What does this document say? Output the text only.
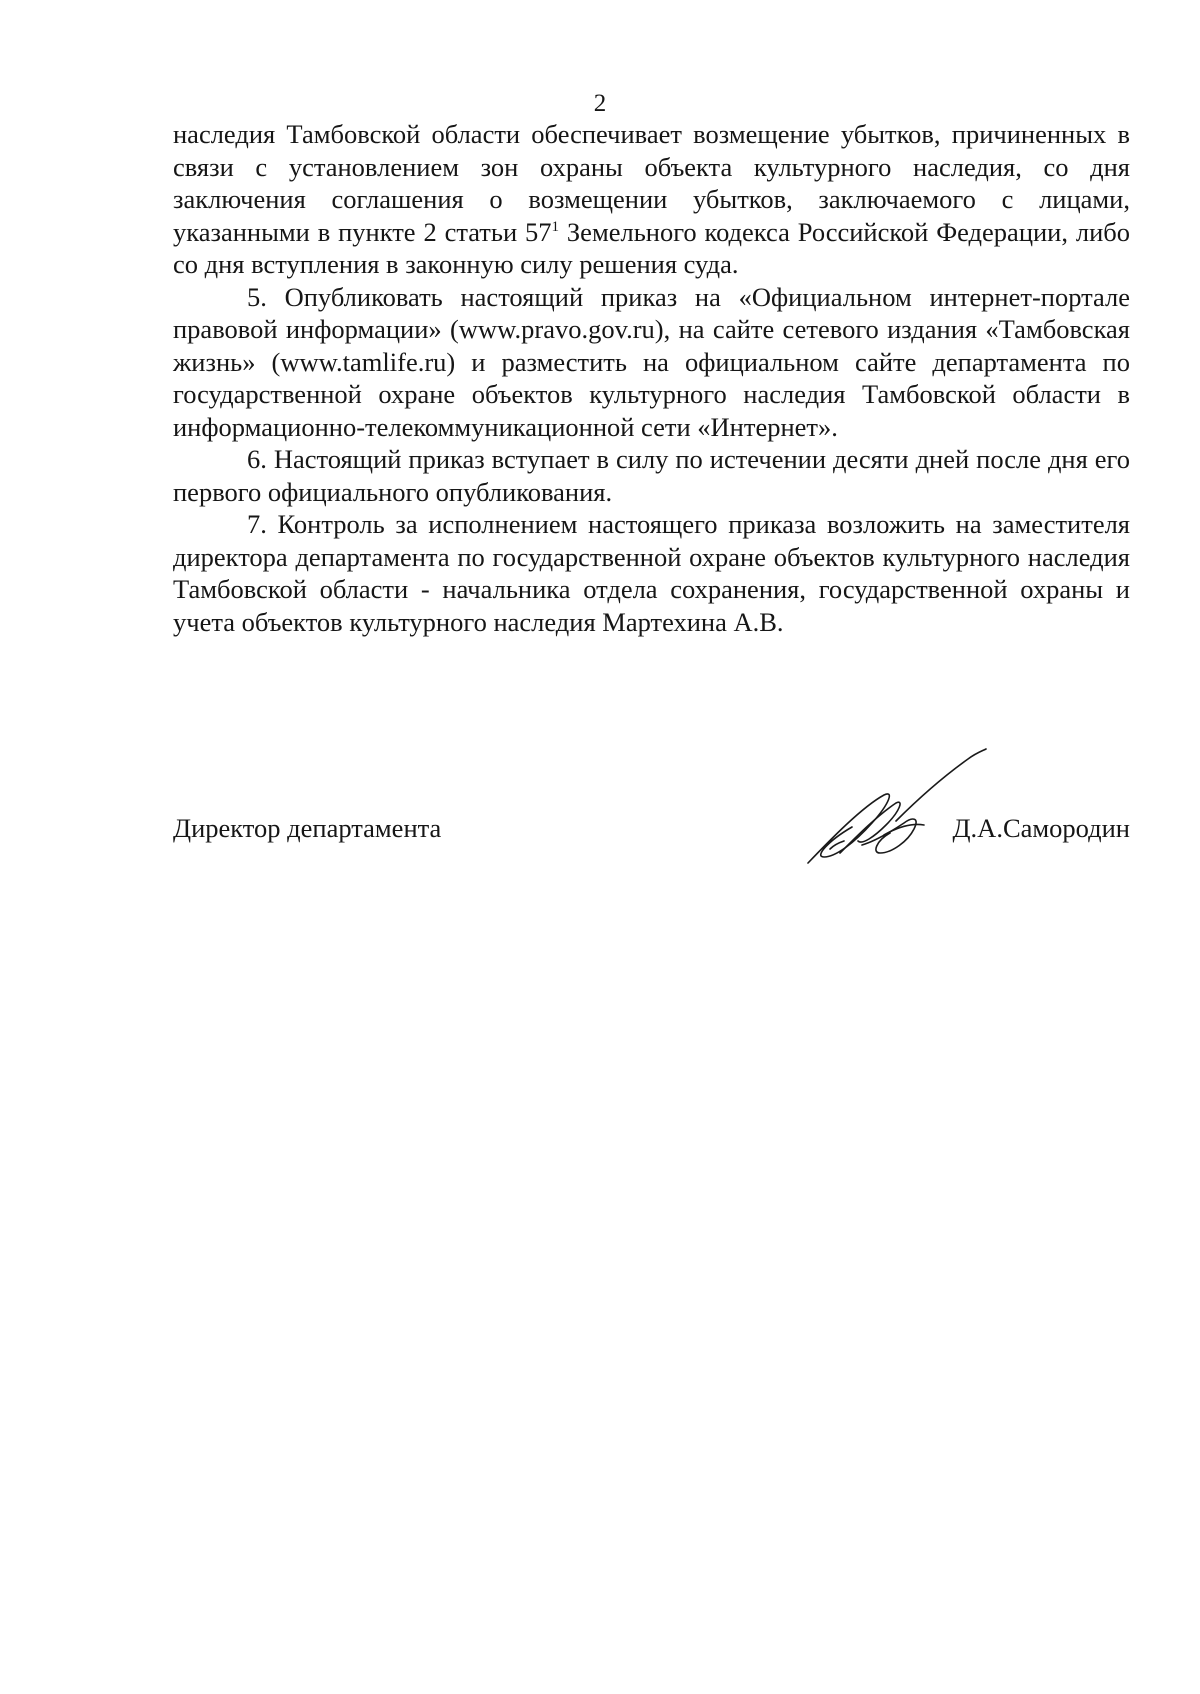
2

наследия Тамбовской области обеспечивает возмещение убытков, причиненных в связи с установлением зон охраны объекта культурного наследия, со дня заключения соглашения о возмещении убытков, заключаемого с лицами, указанными в пункте 2 статьи $57^1$ Земельного кодекса Российской Федерации, либо со дня вступления в законную силу решения суда.

5. Опубликовать настоящий приказ на «Официальном интернет-портале правовой информации» (www.pravo.gov.ru), на сайте сетевого издания «Тамбовская жизнь» (www.tamlife.ru) и разместить на официальном сайте департамента по государственной охране объектов культурного наследия Тамбовской области в информационно-телекоммуникационной сети «Интернет».

6. Настоящий приказ вступает в силу по истечении десяти дней после дня его первого официального опубликования.

7. Контроль за исполнением настоящего приказа возложить на заместителя директора департамента по государственной охране объектов культурного наследия Тамбовской области - начальника отдела сохранения, государственной охраны и учета объектов культурного наследия Мартехина А.В.

Директор департамента	Д.А.Самородин
